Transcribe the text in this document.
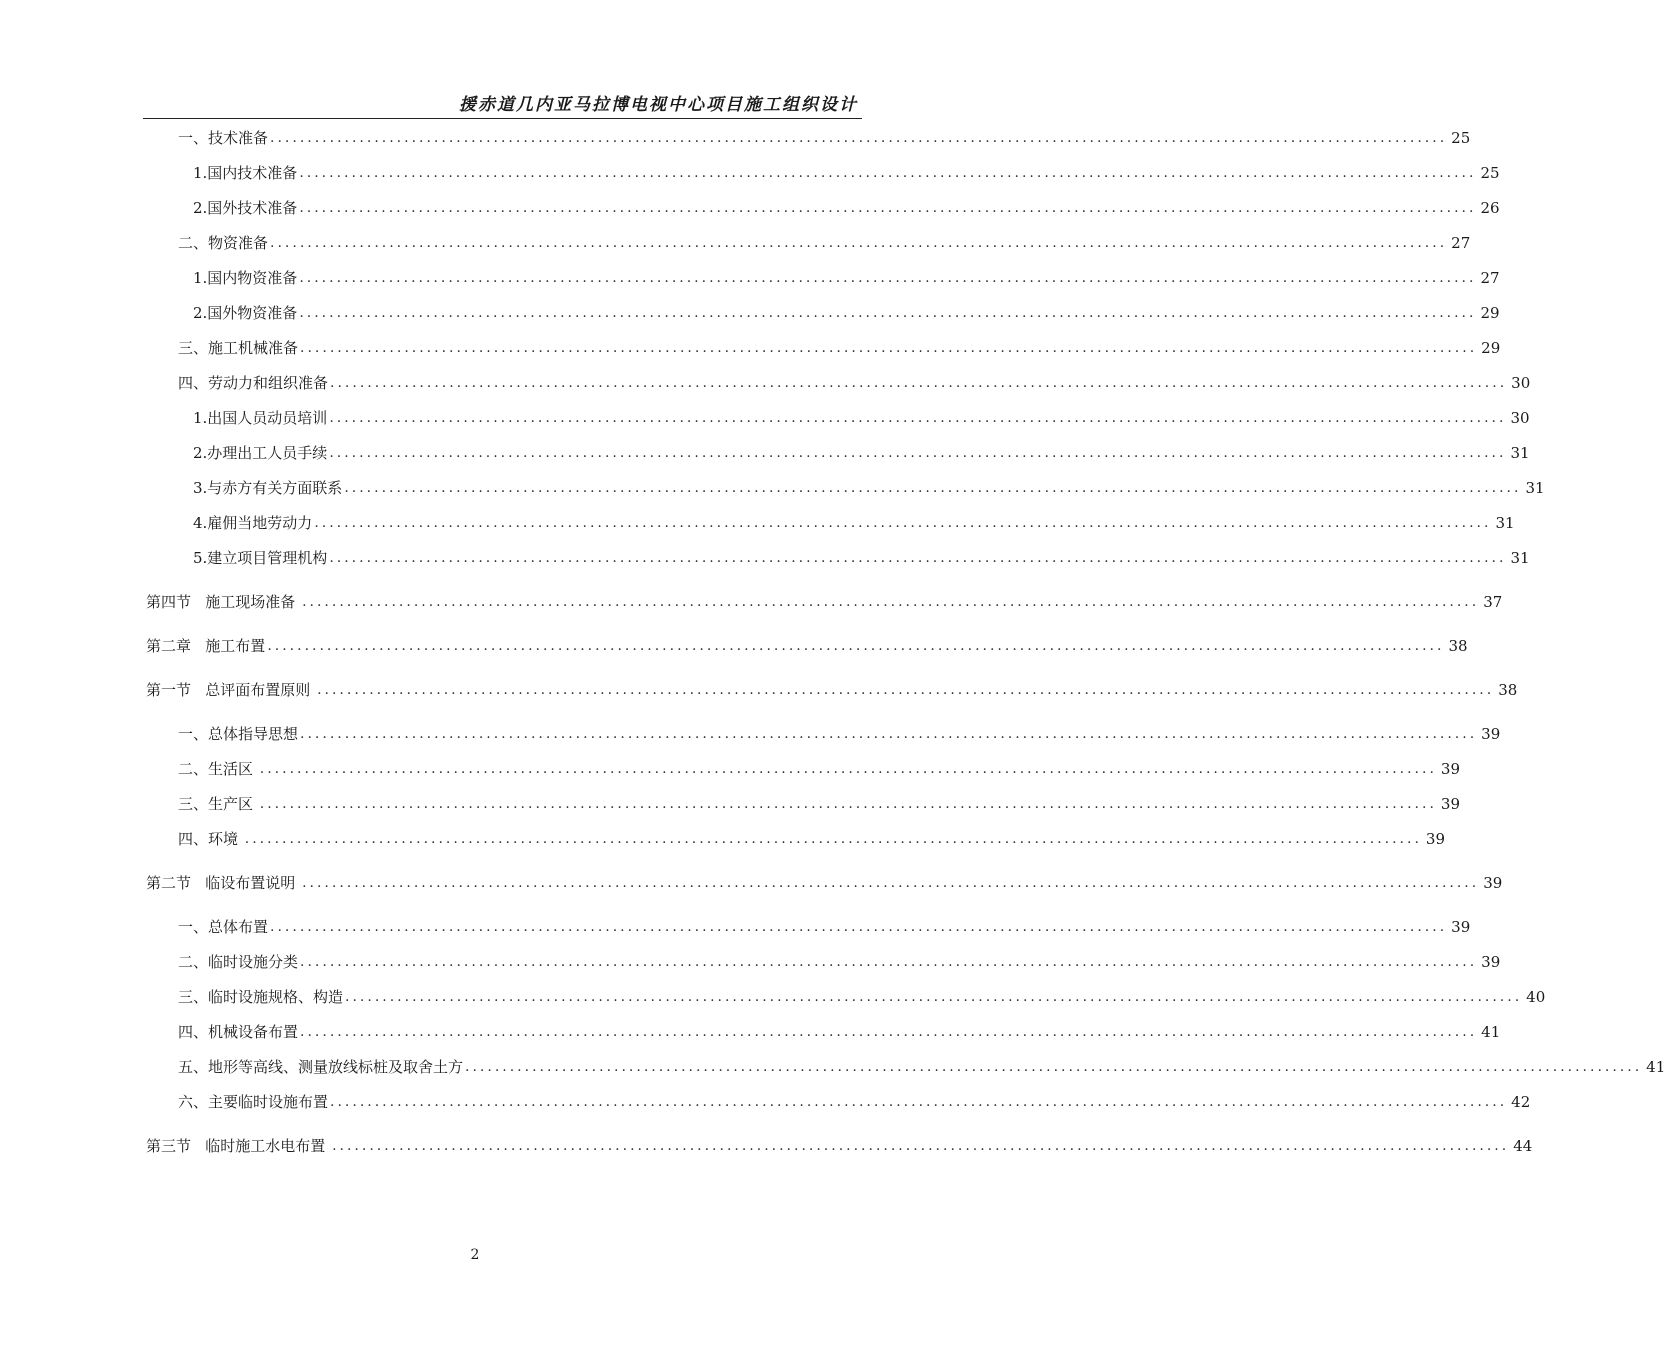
援赤道几内亚马拉博电视中心项目施工组织设计
一、技术准备 .............................................................................................................................................................. 25
1.国内技术准备 .............................................................................................................................................................. 25
2.国外技术准备 .............................................................................................................................................................. 26
二、物资准备 .............................................................................................................................................................. 27
1.国内物资准备 .............................................................................................................................................................. 27
2.国外物资准备 .............................................................................................................................................................. 29
三、施工机械准备 .............................................................................................................................................................. 29
四、劳动力和组织准备 .............................................................................................................................................................. 30
1.出国人员动员培训 .............................................................................................................................................................. 30
2.办理出工人员手续 .............................................................................................................................................................. 31
3.与赤方有关方面联系 .............................................................................................................................................................. 31
4.雇佣当地劳动力 .............................................................................................................................................................. 31
5.建立项目管理机构 .............................................................................................................................................................. 31
第四节   施工现场准备 .............................................................................................................................................................. 37
第二章   施工布置 .............................................................................................................................................................. 38
第一节   总评面布置原则 .............................................................................................................................................................. 38
一、总体指导思想 .............................................................................................................................................................. 39
二、生活区 .............................................................................................................................................................. 39
三、生产区 .............................................................................................................................................................. 39
四、环境 .............................................................................................................................................................. 39
第二节   临设布置说明 .............................................................................................................................................................. 39
一、总体布置 .............................................................................................................................................................. 39
二、临时设施分类 .............................................................................................................................................................. 39
三、临时设施规格、构造 .............................................................................................................................................................. 40
四、机械设备布置 .............................................................................................................................................................. 41
五、地形等高线、测量放线标桩及取舍土方 .............................................................................................................................................................. 41
六、主要临时设施布置 .............................................................................................................................................................. 42
第三节   临时施工水电布置 .............................................................................................................................................................. 44
2
